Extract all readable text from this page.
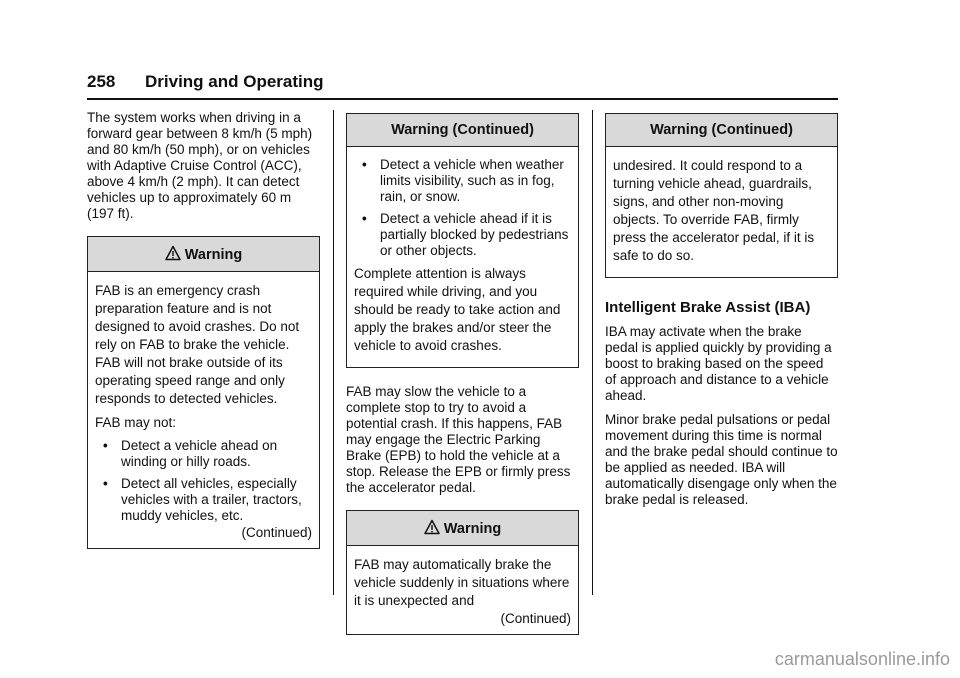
258 Driving and Operating

The system works when driving in a forward gear between 8 km/h (5 mph) and 80 km/h (50 mph), or on vehicles with Adaptive Cruise Control (ACC), above 4 km/h (2 mph). It can detect vehicles up to approximately 60 m (197 ft).

Warning

FAB is an emergency crash preparation feature and is not designed to avoid crashes. Do not rely on FAB to brake the vehicle. FAB will not brake outside of its operating speed range and only responds to detected vehicles.

FAB may not:

• Detect a vehicle ahead on winding or hilly roads.
• Detect all vehicles, especially vehicles with a trailer, tractors, muddy vehicles, etc.
(Continued)
Warning (Continued)
• Detect a vehicle when weather limits visibility, such as in fog, rain, or snow.
• Detect a vehicle ahead if it is partially blocked by pedestrians or other objects.

Complete attention is always required while driving, and you should be ready to take action and apply the brakes and/or steer the vehicle to avoid crashes.

FAB may slow the vehicle to a complete stop to try to avoid a potential crash. If this happens, FAB may engage the Electric Parking Brake (EPB) to hold the vehicle at a stop. Release the EPB or firmly press the accelerator pedal.

Warning

FAB may automatically brake the vehicle suddenly in situations where it is unexpected and

(Continued)
Warning (Continued)

undesired. It could respond to a turning vehicle ahead, guardrails, signs, and other non-moving objects. To override FAB, firmly press the accelerator pedal, if it is safe to do so.

Intelligent Brake Assist (IBA)

IBA may activate when the brake pedal is applied quickly by providing a boost to braking based on the speed of approach and distance to a vehicle ahead.

Minor brake pedal pulsations or pedal movement during this time is normal and the brake pedal should continue to be applied as needed. IBA will automatically disengage only when the brake pedal is released.

carmanualsonline.info
